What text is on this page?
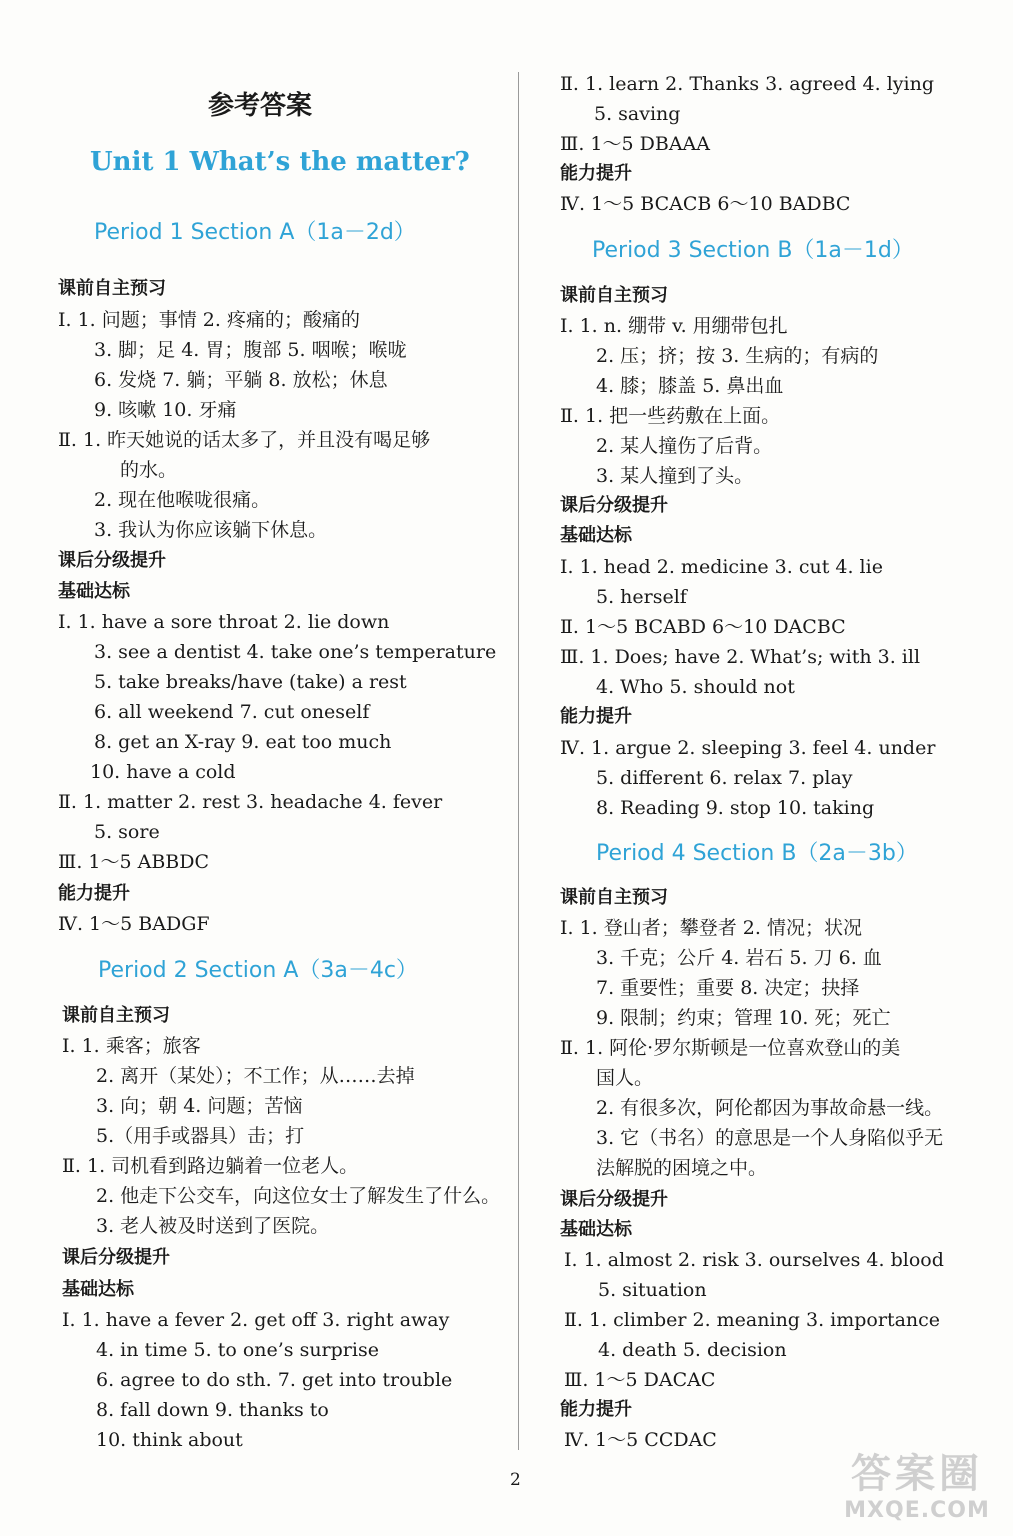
参考答案
Unit 1 What’s the matter?
Period 1 Section A（1a－2d）
课前自主预习
Ⅰ. 1. 问题；事情 2. 疼痛的；酸痛的
3. 脚；足 4. 胃；腹部 5. 咽喉；喉咙
6. 发烧 7. 躺；平躺 8. 放松；休息
9. 咳嗽 10. 牙痛
Ⅱ. 1. 昨天她说的话太多了，并且没有喝足够
的水。
2. 现在他喉咙很痛。
3. 我认为你应该躺下休息。
课后分级提升
基础达标
Ⅰ. 1. have a sore throat 2. lie down
3. see a dentist 4. take one’s temperature
5. take breaks/have (take) a rest
6. all weekend 7. cut oneself
8. get an X-ray 9. eat too much
10. have a cold
Ⅱ. 1. matter 2. rest 3. headache 4. fever
5. sore
Ⅲ. 1～5 ABBDC
能力提升
Ⅳ. 1～5 BADGF
Period 2 Section A（3a－4c）
课前自主预习
Ⅰ. 1. 乘客；旅客
2. 离开（某处）；不工作；从……去掉
3. 向；朝 4. 问题；苦恼
5.（用手或器具）击；打
Ⅱ. 1. 司机看到路边躺着一位老人。
2. 他走下公交车，向这位女士了解发生了什么。
3. 老人被及时送到了医院。
课后分级提升
基础达标
Ⅰ. 1. have a fever 2. get off 3. right away
4. in time 5. to one’s surprise
6. agree to do sth. 7. get into trouble
8. fall down 9. thanks to
10. think about
Ⅱ. 1. learn 2. Thanks 3. agreed 4. lying
5. saving
Ⅲ. 1～5 DBAAA
能力提升
Ⅳ. 1～5 BCACB 6～10 BADBC
Period 3 Section B（1a－1d）
课前自主预习
Ⅰ. 1. n. 绷带 v. 用绷带包扎
2. 压；挤；按 3. 生病的；有病的
4. 膝；膝盖 5. 鼻出血
Ⅱ. 1. 把一些药敷在上面。
2. 某人撞伤了后背。
3. 某人撞到了头。
课后分级提升
基础达标
Ⅰ. 1. head 2. medicine 3. cut 4. lie
5. herself
Ⅱ. 1～5 BCABD 6～10 DACBC
Ⅲ. 1. Does; have 2. What’s; with 3. ill
4. Who 5. should not
能力提升
Ⅳ. 1. argue 2. sleeping 3. feel 4. under
5. different 6. relax 7. play
8. Reading 9. stop 10. taking
Period 4 Section B（2a－3b）
课前自主预习
Ⅰ. 1. 登山者；攀登者 2. 情况；状况
3. 千克；公斤 4. 岩石 5. 刀 6. 血
7. 重要性；重要 8. 决定；抉择
9. 限制；约束；管理 10. 死；死亡
Ⅱ. 1. 阿伦·罗尔斯顿是一位喜欢登山的美
国人。
2. 有很多次，阿伦都因为事故命悬一线。
3. 它（书名）的意思是一个人身陷似乎无
法解脱的困境之中。
课后分级提升
基础达标
Ⅰ. 1. almost 2. risk 3. ourselves 4. blood
5. situation
Ⅱ. 1. climber 2. meaning 3. importance
4. death 5. decision
Ⅲ. 1～5 DACAC
能力提升
Ⅳ. 1～5 CCDAC
2	答案圈
MXQE.COM
